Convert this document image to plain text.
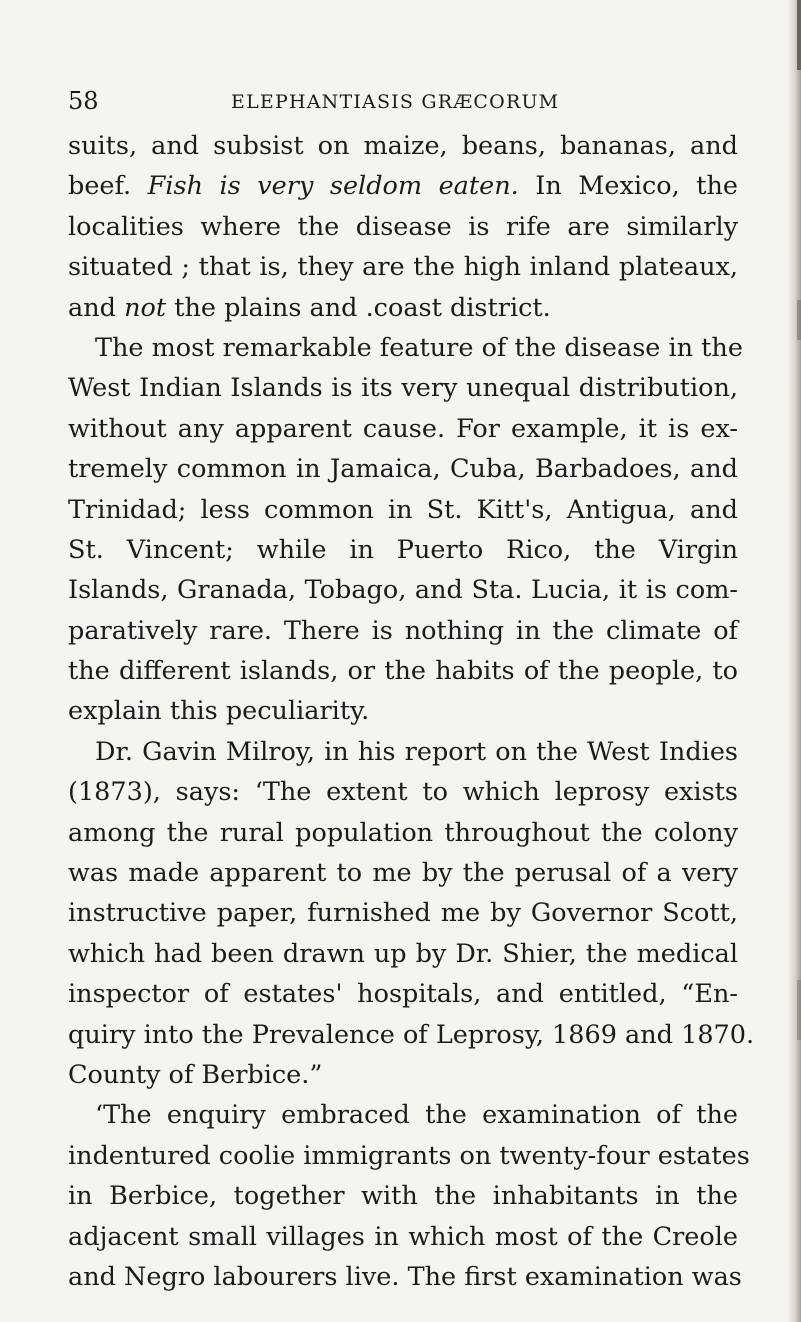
58	ELEPHANTIASIS GRÆCORUM
suits, and subsist on maize, beans, bananas, and
beef. Fish is very seldom eaten. In Mexico, the
localities where the disease is rife are similarly
situated ; that is, they are the high inland plateaux,
and not the plains and .coast district.
The most remarkable feature of the disease in the
West Indian Islands is its very unequal distribution,
without any apparent cause. For example, it is ex-
tremely common in Jamaica, Cuba, Barbadoes, and
Trinidad; less common in St. Kitt's, Antigua, and
St. Vincent; while in Puerto Rico, the Virgin
Islands, Granada, Tobago, and Sta. Lucia, it is com-
paratively rare. There is nothing in the climate of
the different islands, or the habits of the people, to
explain this peculiarity.
Dr. Gavin Milroy, in his report on the West Indies
(1873), says: ‘The extent to which leprosy exists
among the rural population throughout the colony
was made apparent to me by the perusal of a very
instructive paper, furnished me by Governor Scott,
which had been drawn up by Dr. Shier, the medical
inspector of estates' hospitals, and entitled, “En-
quiry into the Prevalence of Leprosy, 1869 and 1870.
County of Berbice.”
‘The enquiry embraced the examination of the
indentured coolie immigrants on twenty-four estates
in Berbice, together with the inhabitants in the
adjacent small villages in which most of the Creole
and Negro labourers live. The first examination was
